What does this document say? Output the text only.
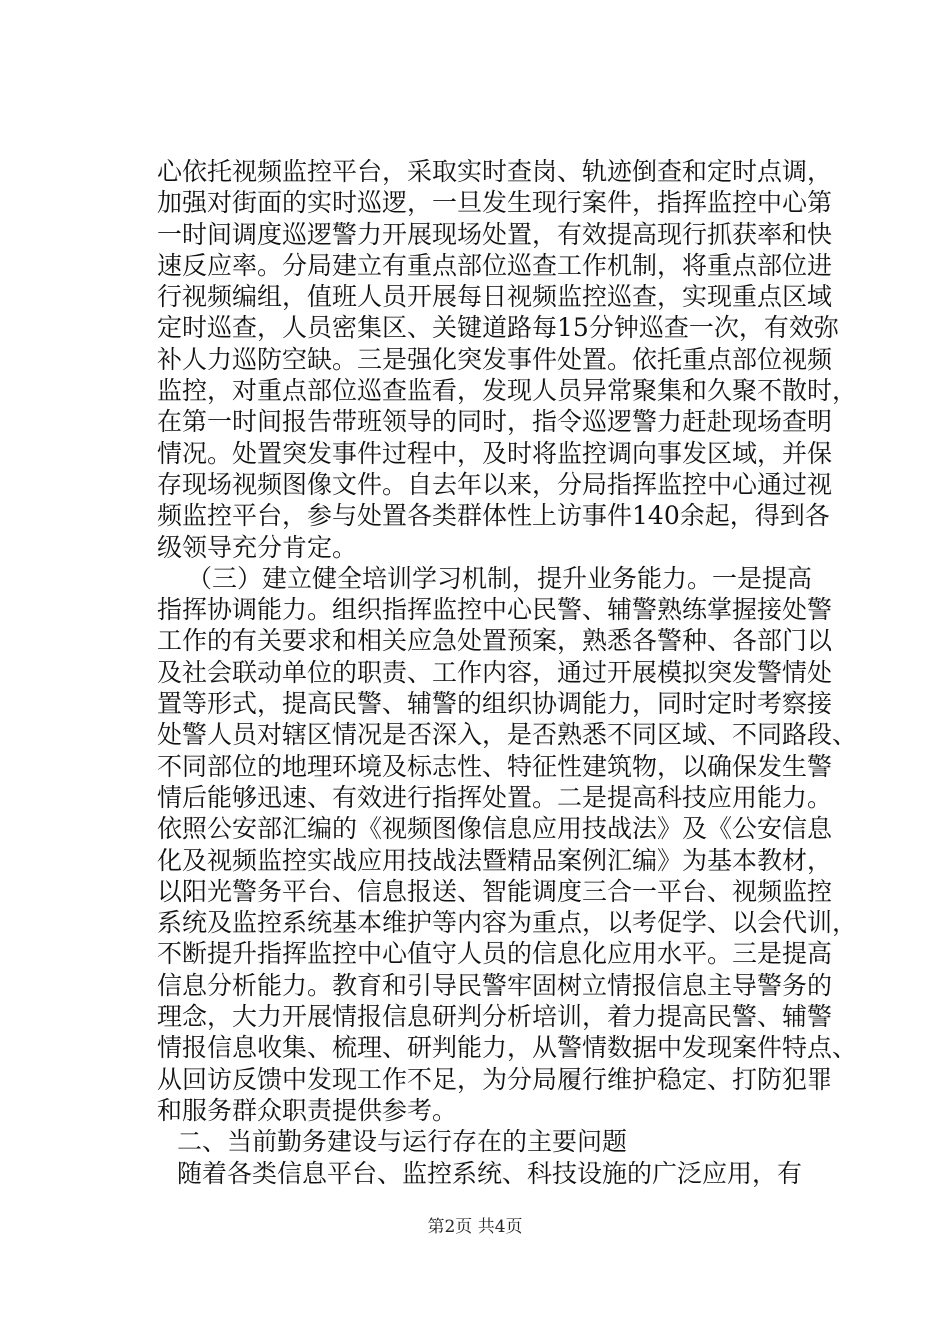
心依托视频监控平台，采取实时查岗、轨迹倒查和定时点调，
加强对街面的实时巡逻，一旦发生现行案件，指挥监控中心第
一时间调度巡逻警力开展现场处置，有效提高现行抓获率和快
速反应率。分局建立有重点部位巡查工作机制，将重点部位进
行视频编组，值班人员开展每日视频监控巡查，实现重点区域
定时巡查，人员密集区、关键道路每15分钟巡查一次，有效弥
补人力巡防空缺。三是强化突发事件处置。依托重点部位视频
监控，对重点部位巡查监看，发现人员异常聚集和久聚不散时，
在第一时间报告带班领导的同时，指令巡逻警力赶赴现场查明
情况。处置突发事件过程中，及时将监控调向事发区域，并保
存现场视频图像文件。自去年以来，分局指挥监控中心通过视
频监控平台，参与处置各类群体性上访事件140余起，得到各
级领导充分肯定。
（三）建立健全培训学习机制，提升业务能力。一是提高
指挥协调能力。组织指挥监控中心民警、辅警熟练掌握接处警
工作的有关要求和相关应急处置预案，熟悉各警种、各部门以
及社会联动单位的职责、工作内容，通过开展模拟突发警情处
置等形式，提高民警、辅警的组织协调能力，同时定时考察接
处警人员对辖区情况是否深入，是否熟悉不同区域、不同路段、
不同部位的地理环境及标志性、特征性建筑物，以确保发生警
情后能够迅速、有效进行指挥处置。二是提高科技应用能力。
依照公安部汇编的《视频图像信息应用技战法》及《公安信息
化及视频监控实战应用技战法暨精品案例汇编》为基本教材，
以阳光警务平台、信息报送、智能调度三合一平台、视频监控
系统及监控系统基本维护等内容为重点，以考促学、以会代训，
不断提升指挥监控中心值守人员的信息化应用水平。三是提高
信息分析能力。教育和引导民警牢固树立情报信息主导警务的
理念，大力开展情报信息研判分析培训，着力提高民警、辅警
情报信息收集、梳理、研判能力，从警情数据中发现案件特点、
从回访反馈中发现工作不足，为分局履行维护稳定、打防犯罪
和服务群众职责提供参考。
二、当前勤务建设与运行存在的主要问题
随着各类信息平台、监控系统、科技设施的广泛应用，有
第2页 共4页
